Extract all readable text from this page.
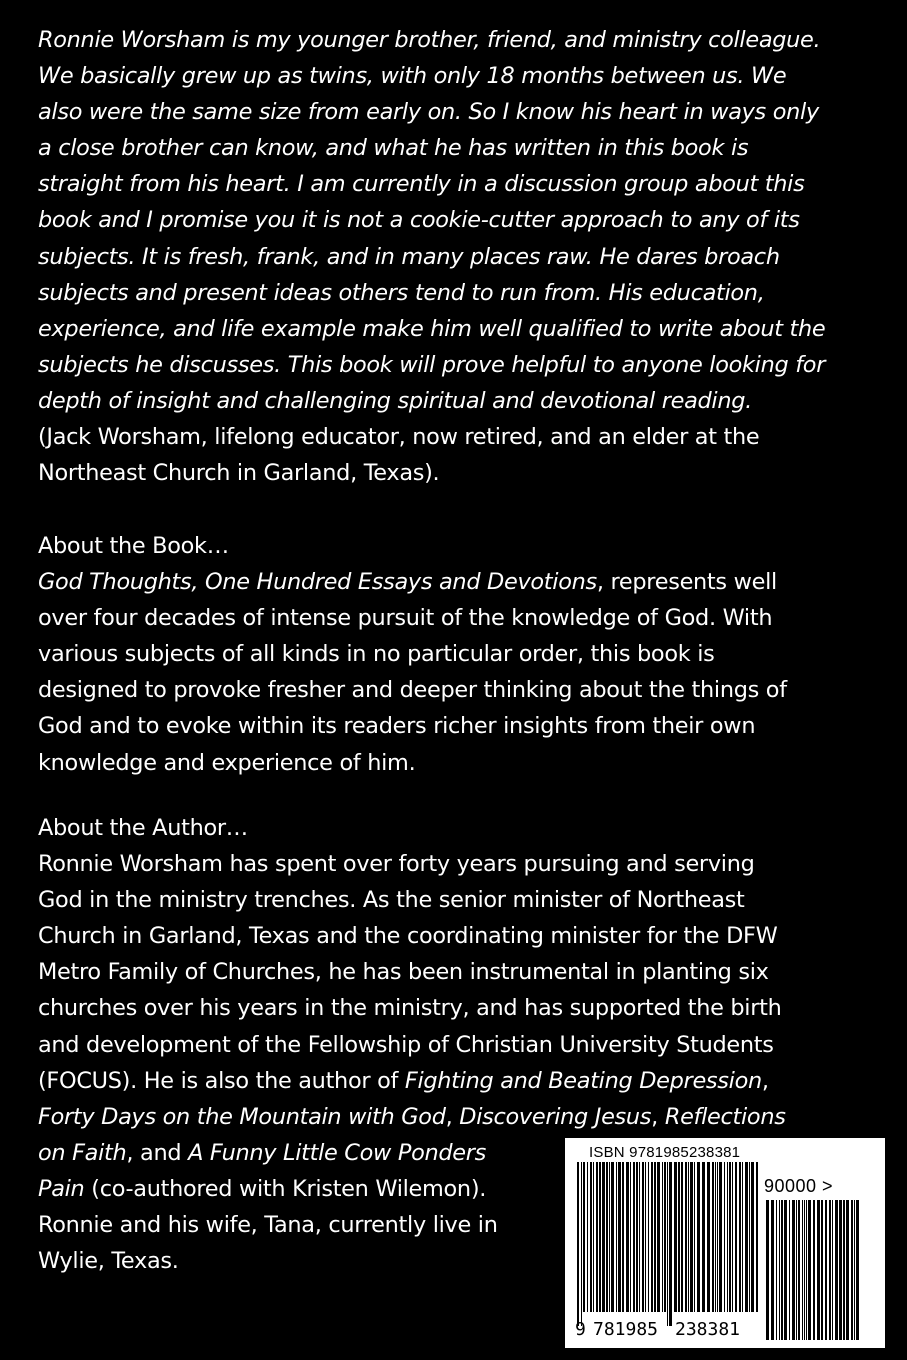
Ronnie Worsham is my younger brother, friend, and ministry colleague.
We basically grew up as twins, with only 18 months between us. We
also were the same size from early on. So I know his heart in ways only
a close brother can know, and what he has written in this book is
straight from his heart. I am currently in a discussion group about this
book and I promise you it is not a cookie-cutter approach to any of its
subjects. It is fresh, frank, and in many places raw. He dares broach
subjects and present ideas others tend to run from. His education,
experience, and life example make him well qualified to write about the
subjects he discusses. This book will prove helpful to anyone looking for
depth of insight and challenging spiritual and devotional reading.
(Jack Worsham, lifelong educator, now retired, and an elder at the
Northeast Church in Garland, Texas).
About the Book…
God Thoughts, One Hundred Essays and Devotions, represents well
over four decades of intense pursuit of the knowledge of God. With
various subjects of all kinds in no particular order, this book is
designed to provoke fresher and deeper thinking about the things of
God and to evoke within its readers richer insights from their own
knowledge and experience of him.
About the Author…
Ronnie Worsham has spent over forty years pursuing and serving
God in the ministry trenches. As the senior minister of Northeast
Church in Garland, Texas and the coordinating minister for the DFW
Metro Family of Churches, he has been instrumental in planting six
churches over his years in the ministry, and has supported the birth
and development of the Fellowship of Christian University Students
(FOCUS). He is also the author of Fighting and Beating Depression,
Forty Days on the Mountain with God, Discovering Jesus, Reflections
on Faith, and A Funny Little Cow Ponders
Pain (co-authored with Kristen Wilemon).
Ronnie and his wife, Tana, currently live in
Wylie, Texas.
ISBN 9781985238381
90000 >
9 781985 238381
